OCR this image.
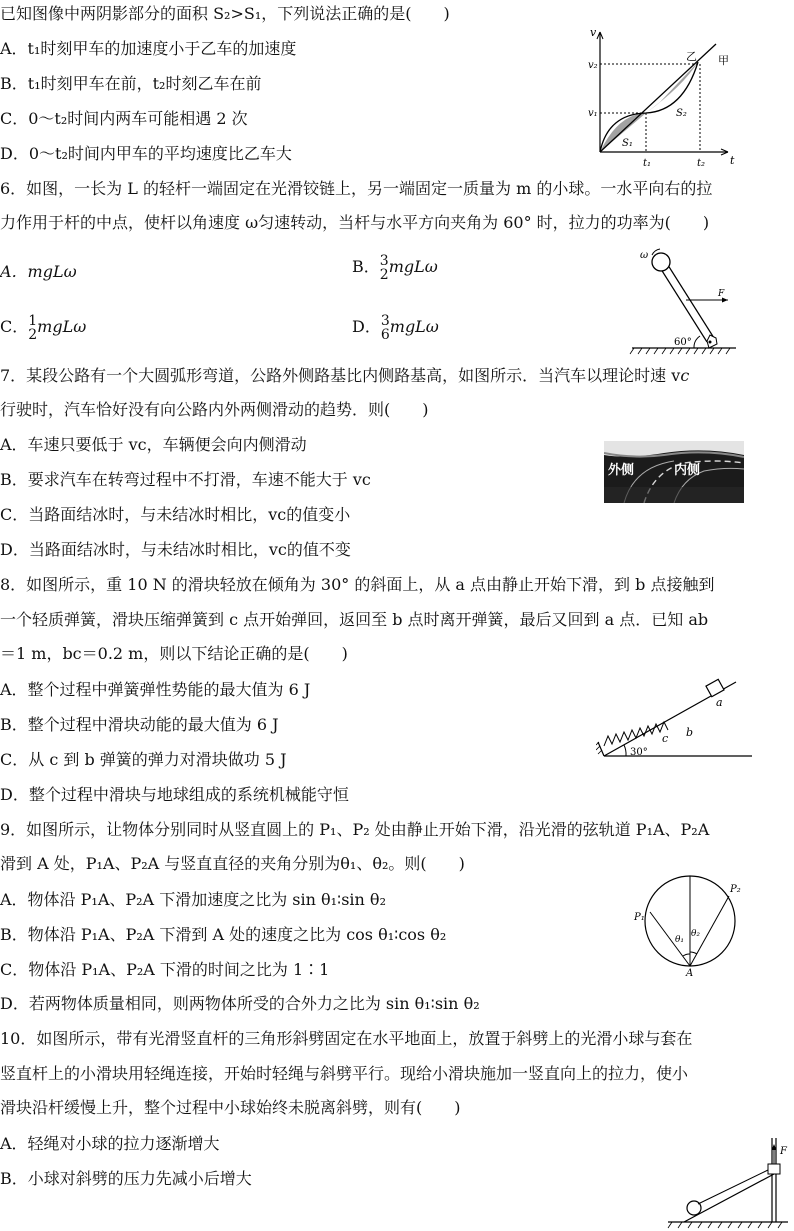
已知图像中两阴影部分的面积 S₂>S₁，下列说法正确的是(　　)
A．t₁时刻甲车的加速度小于乙车的加速度
B．t₁时刻甲车在前，t₂时刻乙车在前
C．0～t₂时间内两车可能相遇 2 次
D．0～t₂时间内甲车的平均速度比乙车大
v
t
v₂
v₁
t₁	t₂
S₁
S₂
乙 甲
6．如图，一长为 L 的轻杆一端固定在光滑铰链上，另一端固定一质量为 m 的小球。一水平向右的拉
力作用于杆的中点，使杆以角速度 ω匀速转动，当杆与水平方向夹角为 60° 时，拉力的功率为(　　)
A．mgLω	B． 3
2 mgLω
C． 1
2 mgLω	D． 3
6 mgLω
ω
F
60°
7．某段公路有一个大圆弧形弯道，公路外侧路基比内侧路基高，如图所示．当汽车以理论时速 vc
行驶时，汽车恰好没有向公路内外两侧滑动的趋势．则(　　)
A．车速只要低于 vc，车辆便会向内侧滑动
B．要求汽车在转弯过程中不打滑，车速不能大于 vc
C．当路面结冰时，与未结冰时相比，vc的值变小
D．当路面结冰时，与未结冰时相比，vc的值不变
外侧	内侧
8．如图所示，重 10 N 的滑块轻放在倾角为 30° 的斜面上，从 a 点由静止开始下滑，到 b 点接触到
一个轻质弹簧，滑块压缩弹簧到 c 点开始弹回，返回至 b 点时离开弹簧，最后又回到 a 点．已知 ab
＝1 m，bc＝0.2 m，则以下结论正确的是(　　)
A．整个过程中弹簧弹性势能的最大值为 6 J
B．整个过程中滑块动能的最大值为 6 J
C．从 c 到 b 弹簧的弹力对滑块做功 5 J
D．整个过程中滑块与地球组成的系统机械能守恒
30°
a
b
c
9．如图所示，让物体分别同时从竖直圆上的 P₁、P₂ 处由静止开始下滑，沿光滑的弦轨道 P₁A、P₂A
滑到 A 处，P₁A、P₂A 与竖直直径的夹角分别为θ₁、θ₂。则(　　)
A．物体沿 P₁A、P₂A 下滑加速度之比为 sin θ₁∶sin θ₂
B．物体沿 P₁A、P₂A 下滑到 A 处的速度之比为 cos θ₁∶cos θ₂
C．物体沿 P₁A、P₂A 下滑的时间之比为 1∶1
D．若两物体质量相同，则两物体所受的合外力之比为 sin θ₁∶sin θ₂
P₁
P₂
A
θ₁
θ₂
10．如图所示，带有光滑竖直杆的三角形斜劈固定在水平地面上，放置于斜劈上的光滑小球与套在
竖直杆上的小滑块用轻绳连接，开始时轻绳与斜劈平行。现给小滑块施加一竖直向上的拉力，使小
滑块沿杆缓慢上升，整个过程中小球始终未脱离斜劈，则有(　　)
A．轻绳对小球的拉力逐渐增大
B．小球对斜劈的压力先减小后增大
F
